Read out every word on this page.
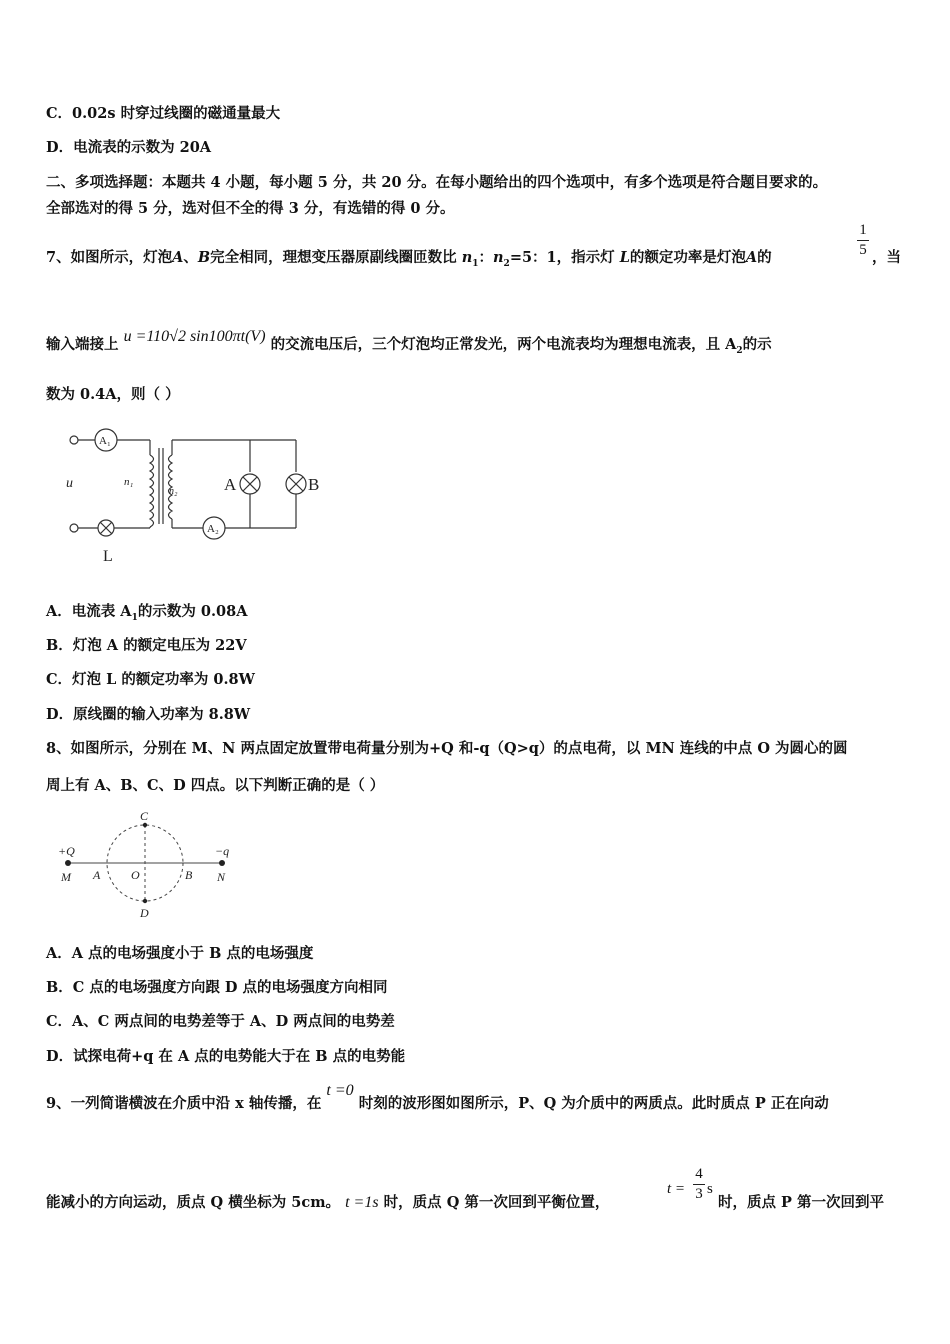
C．0.02s 时穿过线圈的磁通量最大
D．电流表的示数为 20A
二、多项选择题：本题共 4 小题，每小题 5 分，共 20 分。在每小题给出的四个选项中，有多个选项是符合题目要求的。
全部选对的得 5 分，选对但不全的得 3 分，有选错的得 0 分。
7、如图所示，灯泡A、B完全相同，理想变压器原副线圈匝数比 $n_1$：$n_2=5$：1，指示灯 L的额定功率是灯泡A的
1
5 ，当
输入端接上 u =110√2 sin100πt(V) 的交流电压后，三个灯泡均正常发光，两个电流表均为理想电流表，且 $A_2$的示
数为 0.4A，则（ ）
A₁
A₂
u	n₁
n₂	A	B
L
A．电流表 $A_1$的示数为 0.08A
B．灯泡 A 的额定电压为 22V
C．灯泡 L 的额定功率为 0.8W
D．原线圈的输入功率为 8.8W
8、如图所示，分别在 M、N 两点固定放置带电荷量分别为+Q 和-q（Q>q）的点电荷，以 MN 连线的中点 O 为圆心的圆
周上有 A、B、C、D 四点。以下判断正确的是（ ）
+Q	−q
M	N
A	O	B
C
D
A．A 点的电场强度小于 B 点的电场强度
B．C 点的电场强度方向跟 D 点的电场强度方向相同
C．A、C 两点间的电势差等于 A、D 两点间的电势差
D．试探电荷+q 在 A 点的电势能大于在 B 点的电势能
9、一列简谐横波在介质中沿 x 轴传播，在 t =0 时刻的波形图如图所示，P、Q 为介质中的两质点。此时质点 P 正在向动
能减小的方向运动，质点 Q 横坐标为 5cm。 t =1s 时，质点 Q 第一次回到平衡位置，
t =
4
3 s
时，质点 P 第一次回到平
